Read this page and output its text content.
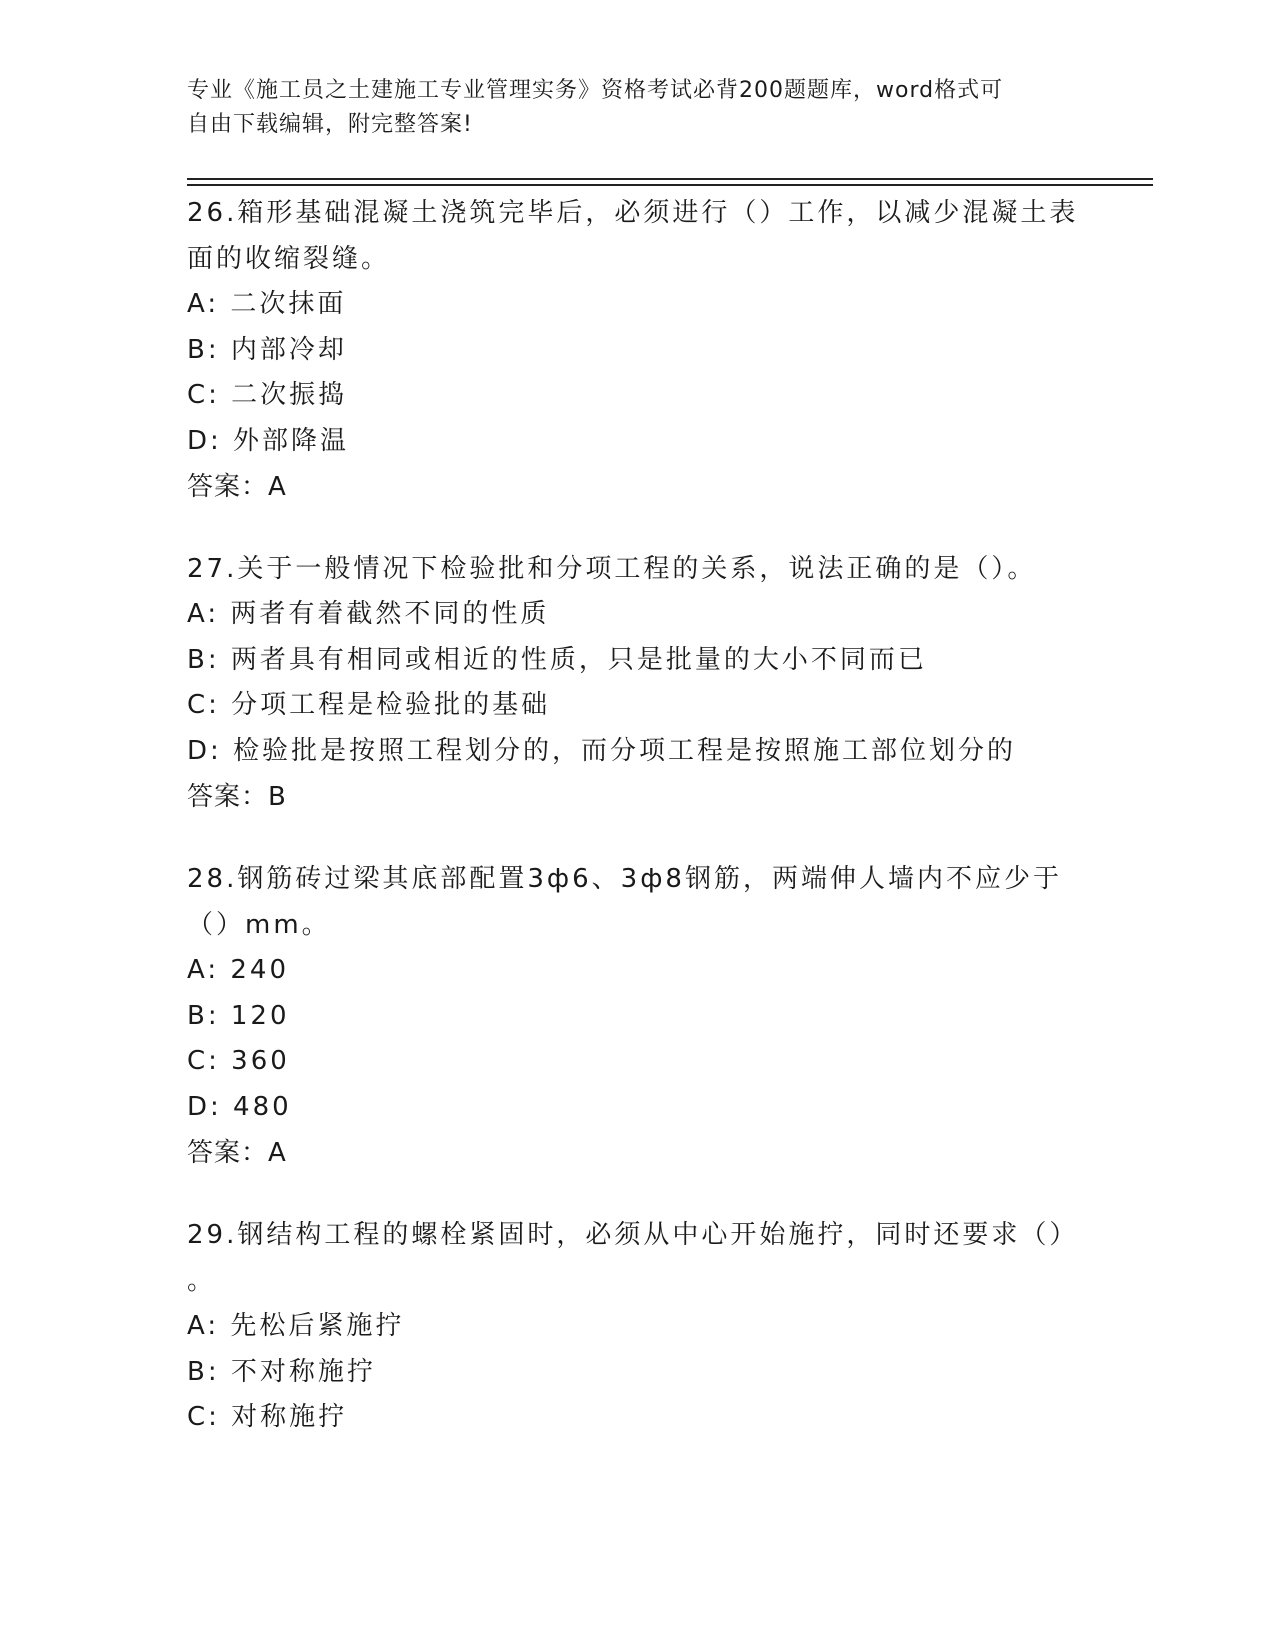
专业《施工员之土建施工专业管理实务》资格考试必背200题题库，word格式可
自由下载编辑，附完整答案!
26.箱形基础混凝土浇筑完毕后，必须进行（）工作，以减少混凝土表
面的收缩裂缝。
A: 二次抹面
B: 内部冷却
C: 二次振捣
D: 外部降温
答案：A
27.关于一般情况下检验批和分项工程的关系，说法正确的是（）。
A: 两者有着截然不同的性质
B: 两者具有相同或相近的性质，只是批量的大小不同而已
C: 分项工程是检验批的基础
D: 检验批是按照工程划分的，而分项工程是按照施工部位划分的
答案：B
28.钢筋砖过梁其底部配置3ф6、3ф8钢筋，两端伸人墙内不应少于
（）mm。
A: 240
B: 120
C: 360
D: 480
答案：A
29.钢结构工程的螺栓紧固时，必须从中心开始施拧，同时还要求（）
。
A: 先松后紧施拧
B: 不对称施拧
C: 对称施拧
